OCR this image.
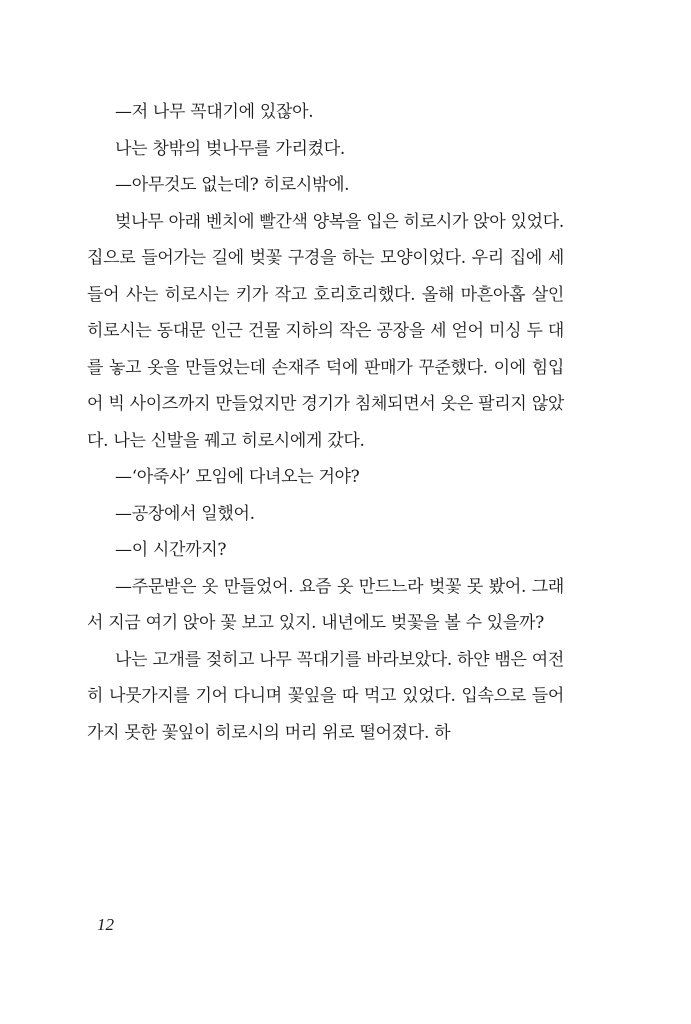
—저 나무 꼭대기에 있잖아.

나는 창밖의 벚나무를 가리켰다.

—아무것도 없는데? 히로시밖에.

벚나무 아래 벤치에 빨간색 양복을 입은 히로시가 앉아 있었다. 집으로 들어가는 길에 벚꽃 구경을 하는 모양이었다. 우리 집에 세 들어 사는 히로시는 키가 작고 호리호리했다. 올해 마흔아홉 살인 히로시는 동대문 인근 건물 지하의 작은 공장을 세 얻어 미싱 두 대를 놓고 옷을 만들었는데 손재주 덕에 판매가 꾸준했다. 이에 힘입어 빅 사이즈까지 만들었지만 경기가 침체되면서 옷은 팔리지 않았다. 나는 신발을 꿰고 히로시에게 갔다.

—‘아죽사’ 모임에 다녀오는 거야?

—공장에서 일했어.

—이 시간까지?

—주문받은 옷 만들었어. 요즘 옷 만드느라 벚꽃 못 봤어. 그래서 지금 여기 앉아 꽃 보고 있지. 내년에도 벚꽃을 볼 수 있을까?

나는 고개를 젖히고 나무 꼭대기를 바라보았다. 하얀 뱀은 여전히 나뭇가지를 기어 다니며 꽃잎을 따 먹고 있었다. 입속으로 들어가지 못한 꽃잎이 히로시의 머리 위로 떨어졌다. 하

12
